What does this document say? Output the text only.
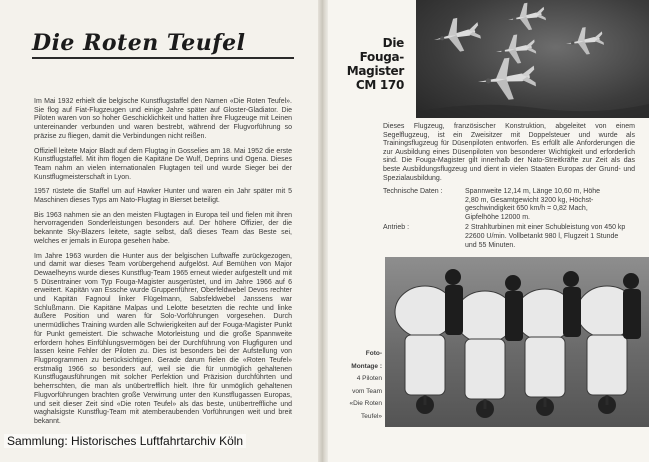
Die Roten Teufel

Im Mai 1932 erhielt die belgische Kunstflugstaffel den Namen «Die Roten Teufel». Sie flog auf Fiat-Flugzeugen und einige Jahre später auf Gloster-Gladiator. Die Piloten waren von so hoher Geschicklichkeit und hatten ihre Flugzeuge mit Leinen untereinander verbunden und waren bestrebt, während der Flugvorführung so präzise zu fliegen, damit die Verbindungen nicht reißen.

Offiziell leitete Major Bladt auf dem Flugtag in Gosselies am 18. Mai 1952 die erste Kunstflugstaffel. Mit ihm flogen die Kapitäne De Wulf, Deprins und Ogena. Dieses Team nahm an vielen internationalen Flugtagen teil und wurde Sieger bei der Kunstflugmeisterschaft in Lyon.

1957 rüstete die Staffel um auf Hawker Hunter und waren ein Jahr später mit 5 Maschinen dieses Typs am Nato-Flugtag in Bierset beteiligt.

Bis 1963 nahmen sie an den meisten Flugtagen in Europa teil und fielen mit ihren hervorragenden Sonderleistungen besonders auf. Der höhere Offizier, der die bekannte Sky-Blazers leitete, sagte selbst, daß dieses Team das Beste sei, welches er jemals in Europa gesehen habe.

Im Jahre 1963 wurden die Hunter aus der belgischen Luftwaffe zurückgezogen, und damit war dieses Team vorübergehend aufgelöst. Auf Bemühen von Major Dewaelheyns wurde dieses Kunstflug-Team 1965 erneut wieder aufgestellt und mit 5 Düsentrainer vom Typ Fouga-Magister ausgerüstet, und im Jahre 1966 auf 6 erweitert. Kapitän van Essche wurde Gruppenführer, Oberfeldwebel Devos rechter und Kapitän Fagnoul linker Flügelmann, Sabsfeldwebel Janssens war Schlußmann. Die Kapitäne Malpas und Lelotte besetzten die rechte und linke äußere Position und waren für Solo-Vorführungen vorgesehen. Durch unermüdliches Training wurden alle Schwierigkeiten auf der Fouga-Magister Punkt für Punkt gemeistert. Die schwache Motorleistung und die große Spannweite erfordern hohes Einfühlungsvermögen bei der Durchführung von Flugfiguren und lassen keine Fehler der Piloten zu. Dies ist besonders bei der Aufstellung von Flugprogrammen zu berücksichtigen. Gerade darum fielen die «Roten Teufel» erstmalig 1966 so besonders auf, weil sie die für unmöglich gehaltenen Kunstflugausführungen mit solcher Perfektion und Präzision durchführten und beherrschten, die man als unübertrefflich hielt. Ihre für unmöglich gehaltenen Flugvorführungen brachten große Verwirrung unter den Kunstflugassen Europas, und seit dieser Zeit sind «Die roten Teufel» als das beste, unübertreffliche und waghalsigste Kunstflug-Team mit atemberaubenden Vorführungen weit und breit bekannt.

Die
Fouga-
Magister
CM 170

Dieses Flugzeug, französischer Konstruktion, abgeleitet von einem Segelflugzeug, ist ein Zweisitzer mit Doppelsteuer und wurde als Trainingsflugzeug für Düsenpiloten entworfen. Es erfüllt alle Anforderungen die zur Ausbildung eines Düsenpiloten von besonderer Wichtigkeit und erforderlich sind. Die Fouga-Magister gilt innerhalb der Nato-Streitkräfte zur Zeit als das beste Ausbildungsflugzeug und dient in vielen Staaten Europas der Grund- und Spezialausbildung.

Technische Daten :	Spannweite 12,14 m, Länge 10,60 m, Höhe
2,80 m, Gesamtgewicht 3200 kg, Höchst-
geschwindigkeit 650 km/h = 0,82 Mach,
Gipfelhöhe 12000 m.
Antrieb :	2 Strahlturbinen mit einer Schubleistung von 450 kp
22600 U/min. Vollbetankt 980 l, Flugzeit 1 Stunde
und 55 Minuten.
Foto-
Montage :
4 Piloten
vom Team
«Die Roten
Teufel»
Sammlung: Historisches Luftfahrtarchiv Köln
